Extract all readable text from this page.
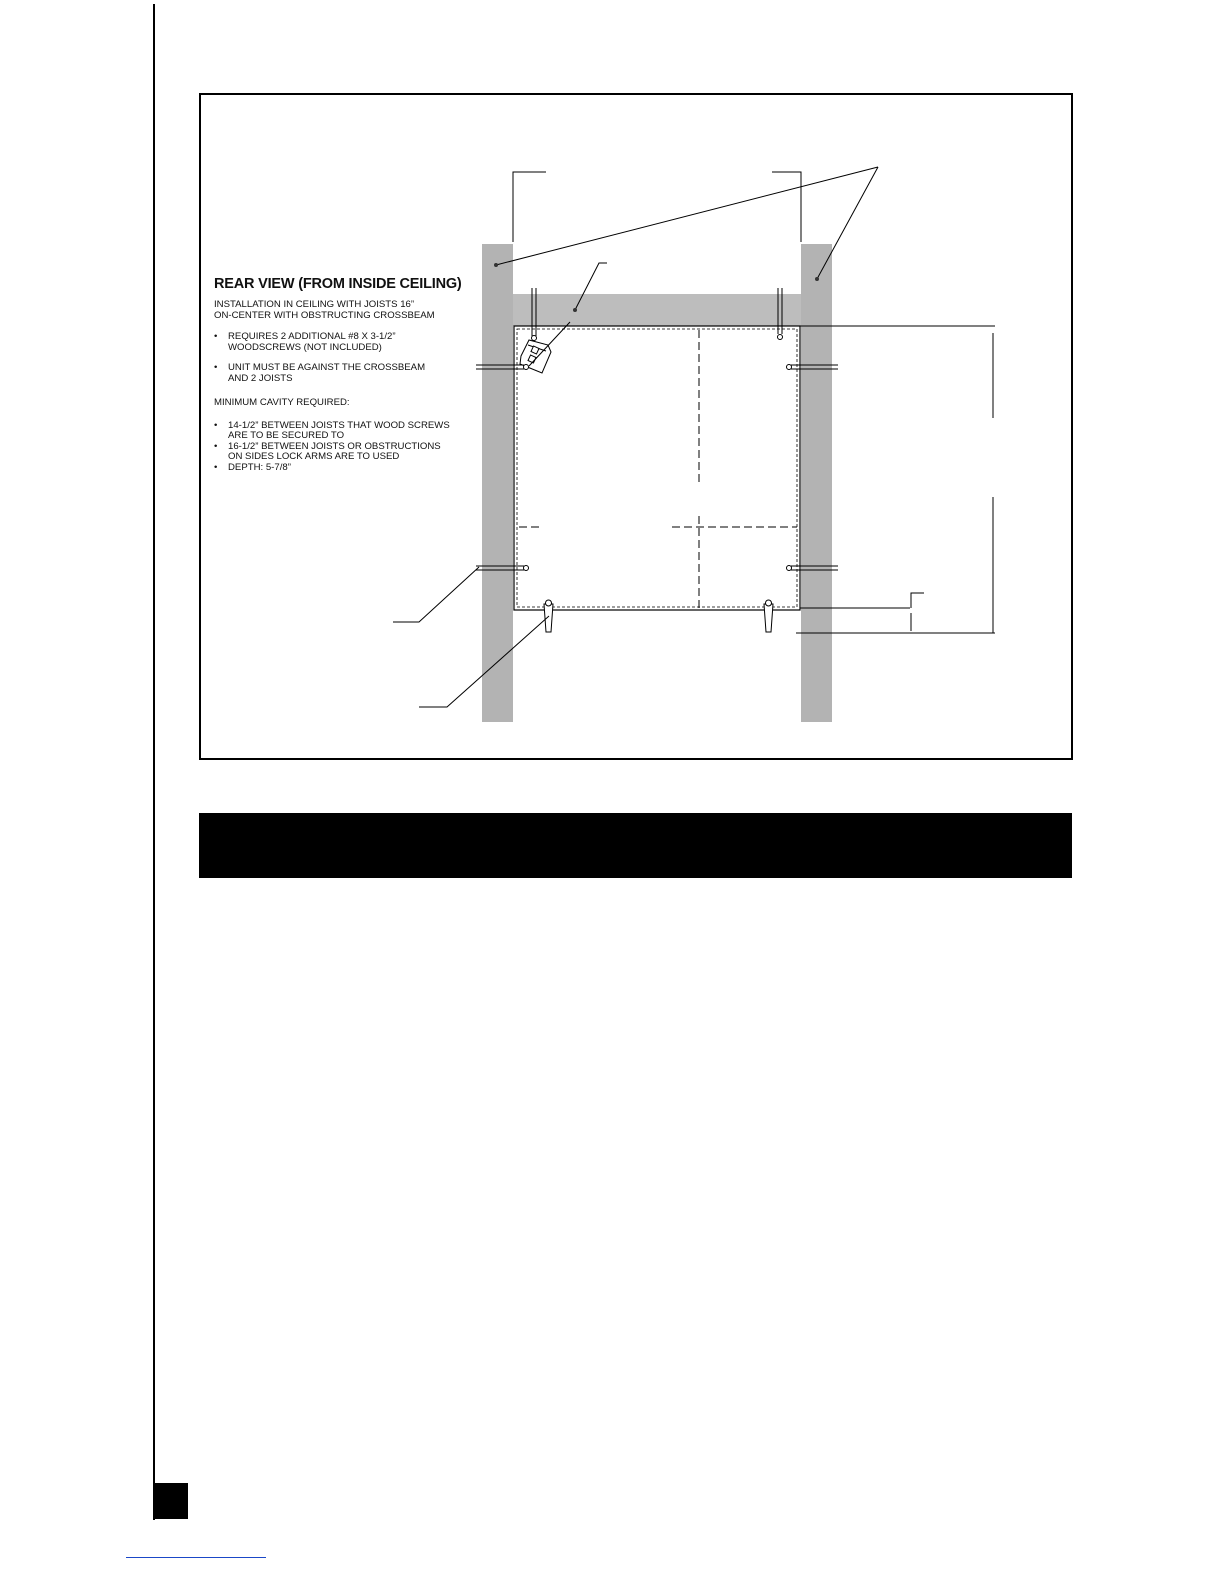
REAR VIEW (FROM INSIDE CEILING)

INSTALLATION IN CEILING WITH JOISTS 16”

ON-CENTER WITH OBSTRUCTING CROSSBEAM

• REQUIRES 2 ADDITIONAL #8 X 3-1/2”
WOODSCREWS (NOT INCLUDED)
• UNIT MUST BE AGAINST THE CROSSBEAM
AND 2 JOISTS

MINIMUM CAVITY REQUIRED:

• 14-1/2” BETWEEN JOISTS THAT WOOD SCREWS
ARE TO BE SECURED TO
• 16-1/2” BETWEEN JOISTS OR OBSTRUCTIONS
ON SIDES LOCK ARMS ARE TO USED
• DEPTH: 5-7/8”
